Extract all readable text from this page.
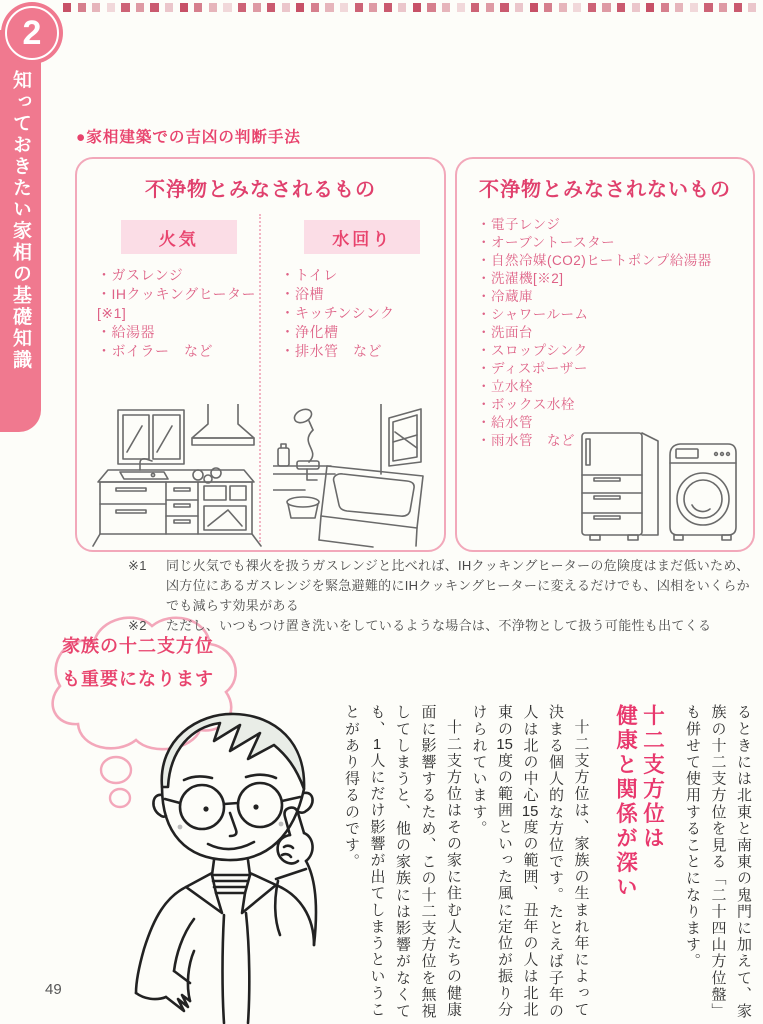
2
知っておきたい家相の基礎知識	●家相建築での吉凶の判断手法
不浄物とみなされるもの
火気
・ガスレンジ
・IHクッキングヒーター
[※1]
・給湯器
・ボイラー　など
水回り
・トイレ
・浴槽
・キッチンシンク
・浄化槽
・排水管　など
不浄物とみなされないもの
・電子レンジ
・オーブントースター
・自然冷媒(CO2)ヒートポンプ給湯器
・洗濯機[※2]
・冷蔵庫
・シャワールーム
・洗面台
・スロップシンク
・ディスポーザー
・立水栓
・ボックス水栓
・給水管
・雨水管　など
※1	同じ火気でも裸火を扱うガスレンジと比べれば、IHクッキングヒーターの危険度はまだ低いため、凶方位にあるガスレンジを緊急避難的にIHクッキングヒーターに変えるだけでも、凶相をいくらかでも減らす効果がある
※2	ただし、いつもつけ置き洗いをしているような場合は、不浄物として扱う可能性も出てくる
家族の十二支方位
も重要になります

るときには北東と南東の鬼門に加えて、家族の十二支方位を見る「二十四山方位盤」も併せて使用することになります。

十二支方位は
健康と関係が深い

十二支方位は、家族の生まれ年によって決まる個人的な方位です。たとえば子年の人は北の中心15度の範囲、丑年の人は北北東の15度の範囲といった風に定位が振り分けられています。

十二支方位はその家に住む人たちの健康面に影響するため、この十二支方位を無視してしまうと、他の家族には影響がなくても、1人にだけ影響が出てしまうということがあり得るのです。

49
